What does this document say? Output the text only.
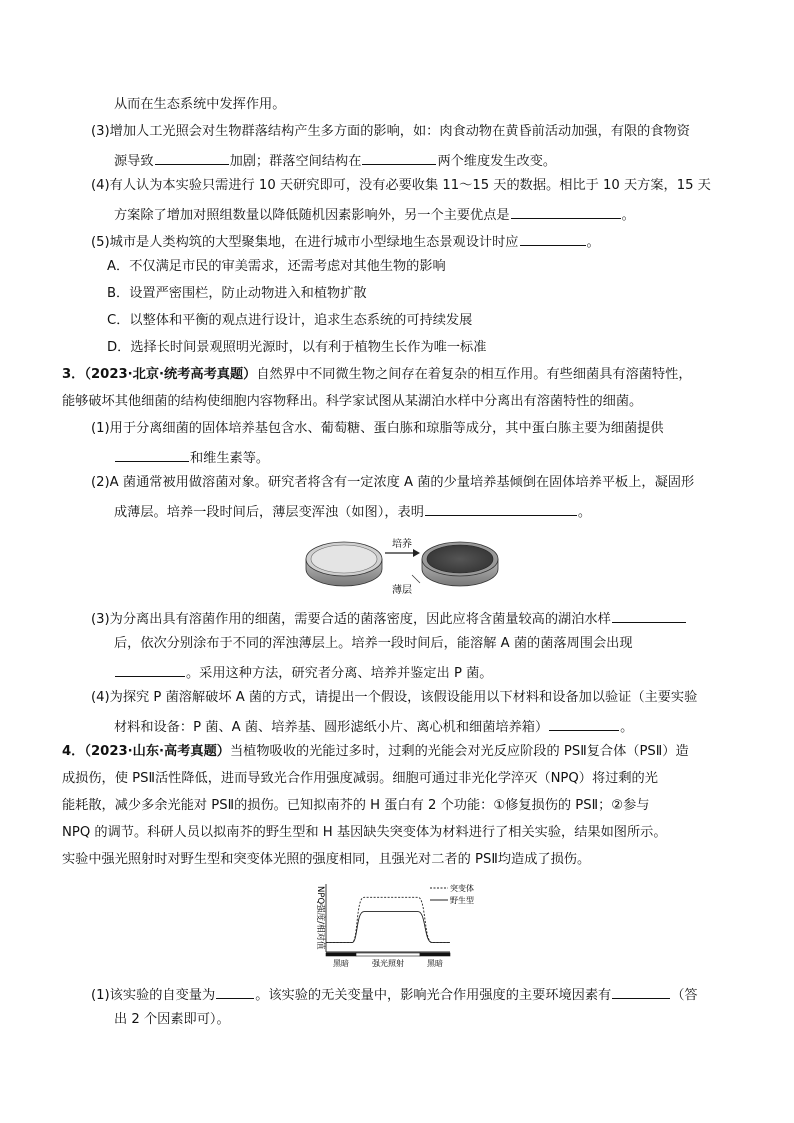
从而在生态系统中发挥作用。
(3)增加人工光照会对生物群落结构产生多方面的影响，如：肉食动物在黄昏前活动加强，有限的食物资
源导致	加剧；群落空间结构在	两个维度发生改变。
(4)有人认为本实验只需进行 10 天研究即可，没有必要收集 11～15 天的数据。相比于 10 天方案，15 天
方案除了增加对照组数量以降低随机因素影响外，另一个主要优点是	。
(5)城市是人类构筑的大型聚集地，在进行城市小型绿地生态景观设计时应	。
A．不仅满足市民的审美需求，还需考虑对其他生物的影响
B．设置严密围栏，防止动物进入和植物扩散
C．以整体和平衡的观点进行设计，追求生态系统的可持续发展
D．选择长时间景观照明光源时，以有利于植物生长作为唯一标准
3．（2023·北京·统考高考真题）自然界中不同微生物之间存在着复杂的相互作用。有些细菌具有溶菌特性，
能够破坏其他细菌的结构使细胞内容物释出。科学家试图从某湖泊水样中分离出有溶菌特性的细菌。
(1)用于分离细菌的固体培养基包含水、葡萄糖、蛋白胨和琼脂等成分，其中蛋白胨主要为细菌提供
和维生素等。
(2)A 菌通常被用做溶菌对象。研究者将含有一定浓度 A 菌的少量培养基倾倒在固体培养平板上，凝固形
成薄层。培养一段时间后，薄层变浑浊（如图），表明	。
培养
薄层
(3)为分离出具有溶菌作用的细菌，需要合适的菌落密度，因此应将含菌量较高的湖泊水样
后，依次分别涂布于不同的浑浊薄层上。培养一段时间后，能溶解 A 菌的菌落周围会出现
。采用这种方法，研究者分离、培养并鉴定出 P 菌。
(4)为探究 P 菌溶解破坏 A 菌的方式，请提出一个假设，该假设能用以下材料和设备加以验证（主要实验
材料和设备：P 菌、A 菌、培养基、圆形滤纸小片、离心机和细菌培养箱）	。
4．（2023·山东·高考真题）当植物吸收的光能过多时，过剩的光能会对光反应阶段的 PSⅡ复合体（PSⅡ）造
成损伤，使 PSⅡ活性降低，进而导致光合作用强度减弱。细胞可通过非光化学淬灭（NPQ）将过剩的光
能耗散，减少多余光能对 PSⅡ的损伤。已知拟南芥的 H 蛋白有 2 个功能：①修复损伤的 PSⅡ；②参与
NPQ 的调节。科研人员以拟南芥的野生型和 H 基因缺失突变体为材料进行了相关实验，结果如图所示。
实验中强光照射时对野生型和突变体光照的强度相同，且强光对二者的 PSⅡ均造成了损伤。
NPQ强度/相对值
黑暗	强光照射	黑暗
突变体
野生型
(1)该实验的自变量为	。该实验的无关变量中，影响光合作用强度的主要环境因素有	（答
出 2 个因素即可）。
